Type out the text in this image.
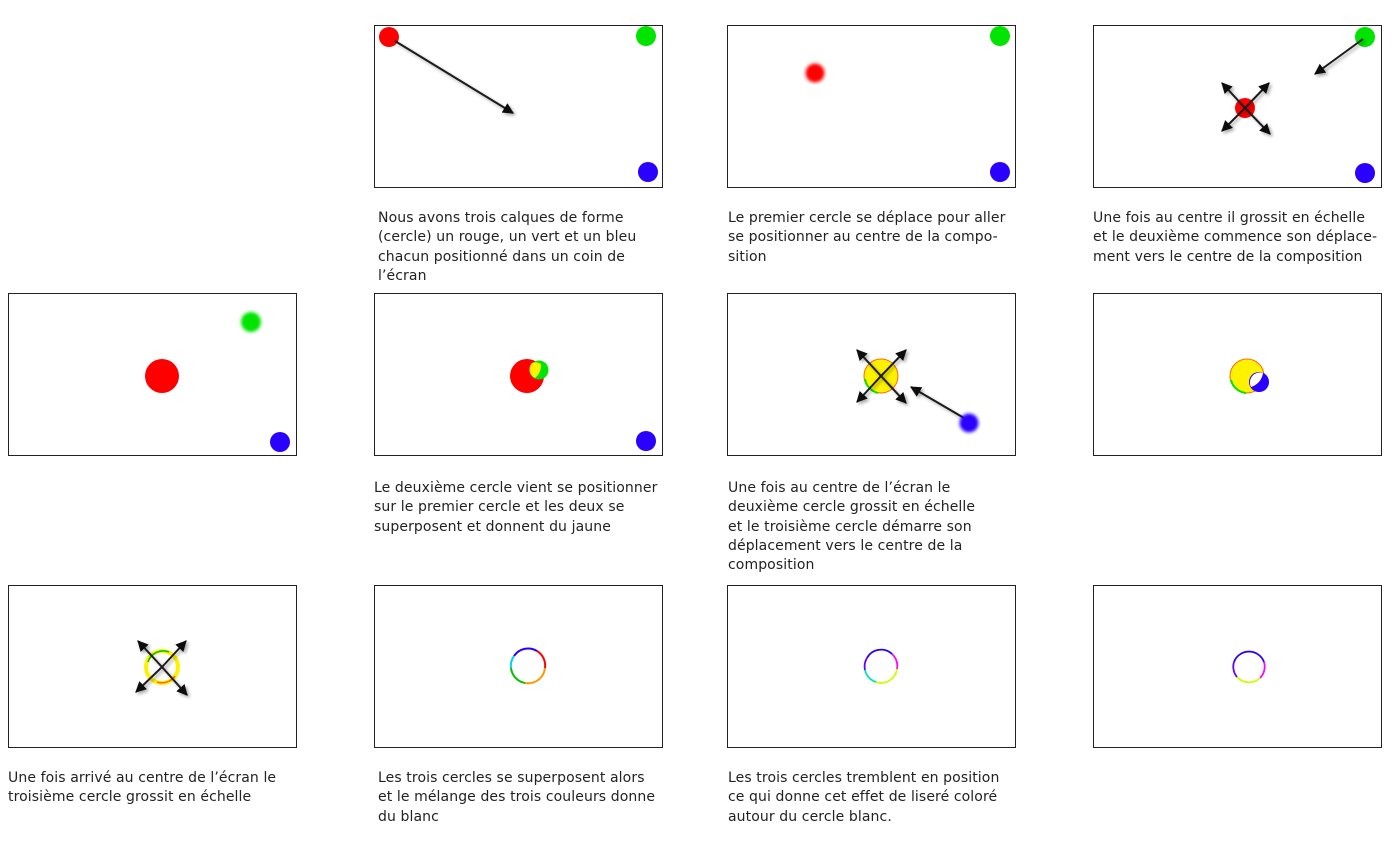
Nous avons trois calques de forme
(cercle) un rouge, un vert et un bleu
chacun positionné dans un coin de
l’écran
Le premier cercle se déplace pour aller
se positionner au centre de la compo-
sition
Une fois au centre il grossit en échelle
et le deuxième commence son déplace-
ment vers le centre de la composition
Le deuxième cercle vient se positionner
sur le premier cercle et les deux se
superposent et donnent du jaune
Une fois au centre de l’écran le
deuxième cercle grossit en échelle
et le troisième cercle démarre son
déplacement vers le centre de la
composition
Une fois arrivé au centre de l’écran le
troisième cercle grossit en échelle
Les trois cercles se superposent alors
et le mélange des trois couleurs donne
du blanc
Les trois cercles tremblent en position
ce qui donne cet effet de liseré coloré
autour du cercle blanc.
